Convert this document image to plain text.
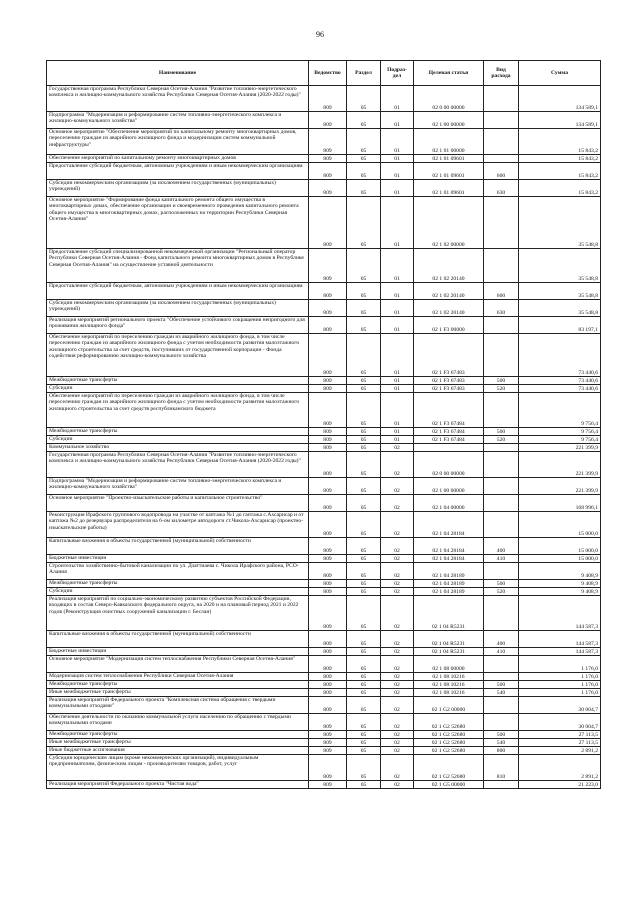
96
Наименование	Ведомство	Раздел	Подраз-дел	Целевая статья	Вид расхода	Сумма
Государственная программа Республики Северная Осетия-Алания "Развитие топливно-энергетического комплекса и жилищно-коммунального хозяйства Республики Северная Осетия-Алания (2020-2022 годы)"	809	05	01	02 0 00 00000		134 589,1
Подпрограмма "Модернизация и реформирование систем топливно-энергетического комплекса и жилищно-коммунального хозяйства"	809	05	01	02 1 00 00000		134 589,1
Основное мероприятие "Обеспечение мероприятий по капитальному ремонту многоквартирных домов, переселению граждан из аварийного жилищного фонда и модернизации систем коммунальной инфраструктуры"	809	05	01	02 1 01 00000		15 843,2
Обеспечение мероприятий по капитальному ремонту многоквартирных домов	809	05	01	02 1 01 09601		15 843,2
Предоставление субсидий бюджетным, автономным учреждениям и иным некоммерческим организациям	809	05	01	02 1 01 09601	600	15 843,2
Субсидии некоммерческим организациям (за исключением государственных (муниципальных) учреждений)	809	05	01	02 1 01 09601	630	15 843,2
Основное мероприятие "Формирование фонда капитального ремонта общего имущества в многоквартирных домах, обеспечение организации и своевременного проведения капитального ремонта общего имущества в многоквартирных домах, расположенных на территории Республики Северная Осетия-Алания"	809	05	01	02 1 02 00000		35 548,8
Предоставление субсидий специализированной некоммерческой организации "Региональный оператор Республики Северная Осетия-Алания - Фонд капитального ремонта многоквартирных домов в Республике Северная Осетия-Алания" на осуществление уставной деятельности	809	05	01	02 1 02 20140		35 548,8
Предоставление субсидий бюджетным, автономным учреждениям и иным некоммерческим организациям	809	05	01	02 1 02 20140	600	35 548,8
Субсидии некоммерческим организациям (за исключением государственных (муниципальных) учреждений)	809	05	01	02 1 02 20140	630	35 548,8
Реализация мероприятий регионального проекта "Обеспечение устойчивого сокращения непригодного для проживания жилищного фонда"	809	05	01	02 1 F3 00000		83 197,1
Обеспечение мероприятий по переселению граждан из аварийного жилищного фонда, в том числе переселению граждан из аварийного жилищного фонда с учетом необходимости развития малоэтажного жилищного строительства за счет средств, поступивших от государственной корпорации - Фонда содействия реформированию жилищно-коммунального хозяйства	809	05	01	02 1 F3 67483		73 440,6
Межбюджетные трансферты	809	05	01	02 1 F3 67483	500	73 440,6
Субсидии	809	05	01	02 1 F3 67483	520	73 440,6
Обеспечение мероприятий по переселению граждан из аварийного жилищного фонда, в том числе переселению граждан из аварийного жилищного фонда с учетом необходимости развития малоэтажного жилищного строительства за счет средств республиканского бюджета	809	05	01	02 1 F3 67484		9 756,4
Межбюджетные трансферты	809	05	01	02 1 F3 67484	500	9 756,4
Субсидии	809	05	01	02 1 F3 67484	520	9 756,4
Коммунальное хозяйство	809	05	02			221 399,9
Государственная программа Республики Северная Осетия-Алания "Развитие топливно-энергетического комплекса и жилищно-коммунального хозяйства Республики Северная Осетия-Алания (2020-2022 годы)"	809	05	02	02 0 00 00000		221 399,9
Подпрограмма "Модернизация и реформирование систем топливно-энергетического комплекса и жилищно-коммунального хозяйства"	809	05	02	02 1 00 00000		221 399,9
Основное мероприятие "Проектно-изыскательские работы и капитальное строительство"	809	05	02	02 1 04 00000		168 996,1
Реконструкция Ирафского группового водопровода на участке от каптажа №1 до гаптажа с.Ахсарисар и от каптажа №2 до резервуара распределителя на 6-ом километре автодороги ст.Чикола-Ахсарисар (проектно-изыскательские работы)	809	05	02	02 1 04 28184		15 000,0
Капитальные вложения в объекты государственной (муниципальной) собственности	809	05	02	02 1 04 28184	400	15 000,0
Бюджетные инвестиции	809	05	02	02 1 04 28184	410	15 000,0
Строительство хозяйственно-бытовой канализации по ул. Дзаттиаева с. Чикола Ирафского района, РСО-Алания	809	05	02	02 1 04 28189		9 408,9
Межбюджетные трансферты	809	05	02	02 1 04 28189	500	9 408,9
Субсидии	809	05	02	02 1 04 28189	520	9 408,9
Реализация мероприятий по социально-экономическому развитию субъектов Российской Федерации, входящих в состав Северо-Кавказского федерального округа, на 2020 и на плановый период 2021 и 2022 годов (Реконструкция очистных сооружений канализации г. Беслан)	809	05	02	02 1 04 R5231		144 587,3
Капитальные вложения в объекты государственной (муниципальной) собственности	809	05	02	02 1 04 R5231	400	144 587,3
Бюджетные инвестиции	809	05	02	02 1 04 R5231	410	144 587,3
Основное мероприятие "Модернизация систем теплоснабжения Республики Северная Осетия-Алания"	809	05	02	02 1 08 00000		1 176,0
Модернизация систем теплоснабжения Республики Северная Осетия-Алания	809	05	02	02 1 08 10216		1 176,0
Межбюджетные трансферты	809	05	02	02 1 08 10216	500	1 176,0
Иные межбюджетные трансферты	809	05	02	02 1 08 10216	540	1 176,0
Реализация мероприятий Федерального проекта "Комплексная система обращения с твердыми коммунальными отходами"	809	05	02	02 1 G2 00000		30 004,7
Обеспечение деятельности по оказанию коммунальной услуги населению по обращению с твердыми коммунальными отходами	809	05	02	02 1 G2 52680		30 004,7
Межбюджетные трансферты	809	05	02	02 1 G2 52680	500	27 113,5
Иные межбюджетные трансферты	809	05	02	02 1 G2 52680	540	27 113,5
Иные бюджетные ассигнования	809	05	02	02 1 G2 52680	800	2 891,2
Субсидии юридическим лицам (кроме некоммерческих организаций), индивидуальным предпринимателям, физическим лицам - производителям товаров, работ, услуг	809	05	02	02 1 G2 52680	810	2 891,2
Реализация мероприятий Федерального проекта "Чистая вода"	809	05	02	02 1 G5 00000		21 223,0
